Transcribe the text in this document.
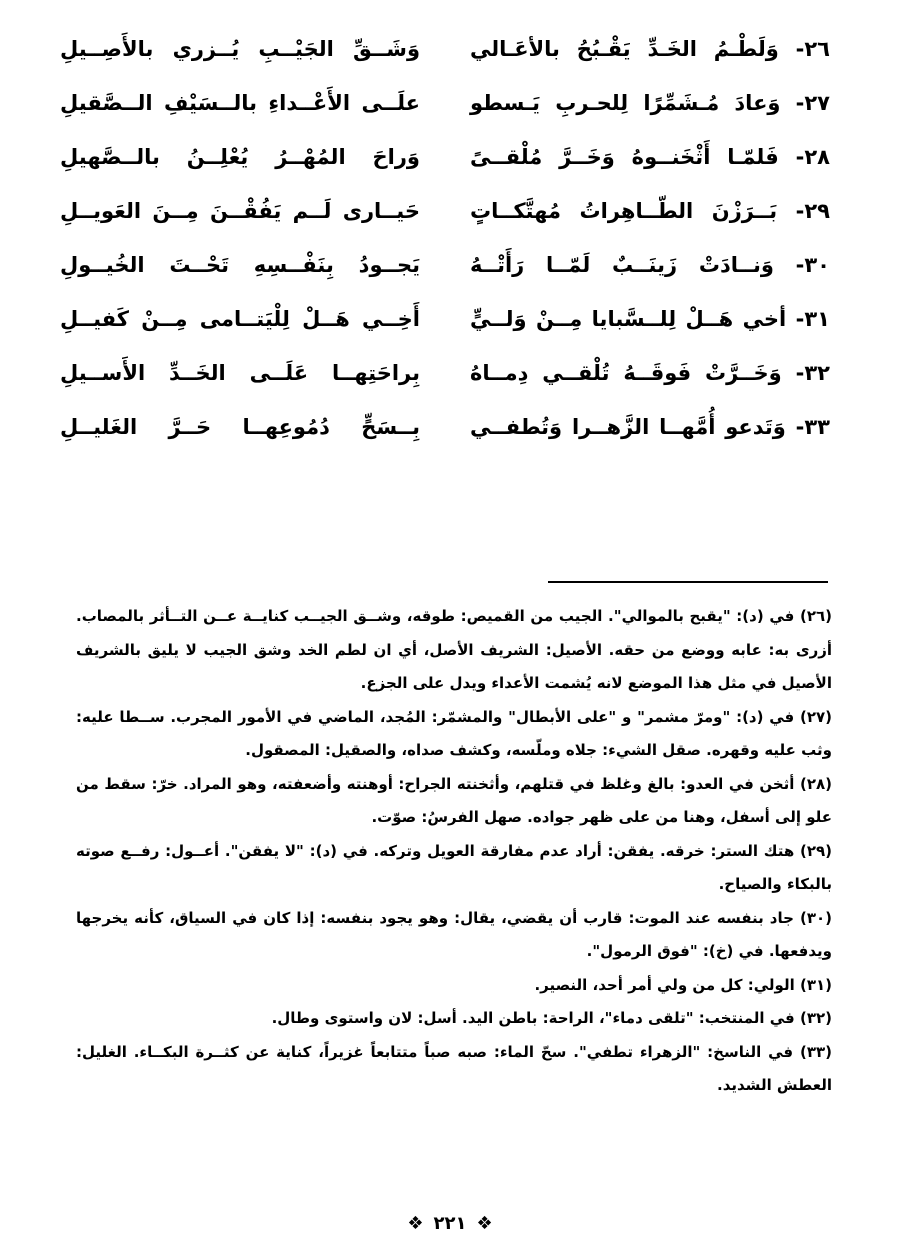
٢٦- وَلَطْـمُ الخَـدِّ يَقْـبُحُ بالأعَـالي
وَشَــقِّ الجَيْــبِ يُــزري بالأَصِــيلِ
٢٧- وَعادَ مُـشَمِّرًا لِلحـربِ يَـسطو
علَــى الأَعْــداءِ بالــسَيْفِ الــصَّقيلِ
٢٨- فَلمّـا أَثْخَنــوهُ وَخَــرَّ مُلْقــىً
وَراحَ المُهْــرُ يُعْلِــنُ بالــصَّهيلِ
٢٩- بَــرَزْنَ الطّــاهِراتُ مُهتَّكــاتٍ
حَيــارى لَــم يَفُقْــنَ مِــنَ العَويــلِ
٣٠- وَنــادَتْ زَينَــبٌ لَمّــا رَأَتْــهُ
يَجــودُ بِنَفْــسِهِ تَحْــتَ الخُيــولِ
٣١- أخي هَــلْ لِلــسَّبايا مِــنْ وَلــيٍّ
أَخِــي هَــلْ لِلْيَتــامى مِــنْ كَفيــلِ
٣٢- وَخَــرَّتْ فَوقَــهُ تُلْقــي دِمــاهُ
بِراحَتِهــا عَلَــى الخَــدِّ الأَســيلِ
٣٣- وَتَدعو أُمَّهــا الزَّهــرا وَتُطفــي
بِــسَحٍّ دُمُوعِهــا حَــرَّ الغَليــلِ

(٢٦) في (د): "يقبح بالموالي". الجيب من القميص: طوقه، وشــق الجيــب كنايــة عــن التــأثر بالمصاب. أزرى به: عابه ووضع من حقه. الأصيل: الشريف الأصل، أي ان لطم الخد وشق الجيب لا يليق بالشريف الأصيل في مثل هذا الموضع لانه يُشمت الأعداء ويدل على الجزع.

(٢٧) في (د): "ومرّ مشمر" و "على الأبطال" والمشمّر: المُجد، الماضي في الأمور المجرب. ســطا عليه: وثب عليه وقهره. صقل الشيء: جلاه وملّسه، وكشف صداه، والصقيل: المصقول.

(٢٨) أثخن في العدو: بالغ وغلظ في قتلهم، وأثخنته الجراح: أوهنته وأضعفته، وهو المراد. خرّ: سقط من علو إلى أسفل، وهنا من على ظهر جواده. صهل الفرسُ: صوّت.

(٢٩) هتك الستر: خرقه. يفقن: أراد عدم مفارقة العويل وتركه. في (د): "لا يفقن". أعــول: رفــع صوته بالبكاء والصياح.

(٣٠) جاد بنفسه عند الموت: قارب أن يقضي، يقال: وهو يجود بنفسه: إذا كان في السياق، كأنه يخرجها ويدفعها. في (خ): "فوق الرمول".

(٣١) الولي: كل من ولي أمر أحد، النصير.

(٣٢) في المنتخب: "تلقى دماء"، الراحة: باطن اليد. أسل: لان واستوى وطال.

(٣٣) في الناسخ: "الزهراء تطفي". سحّ الماء: صبه صباً متتابعاً غزيراً، كناية عن كثــرة البكــاء. الغليل: العطش الشديد.

❖
٢٢١
❖
